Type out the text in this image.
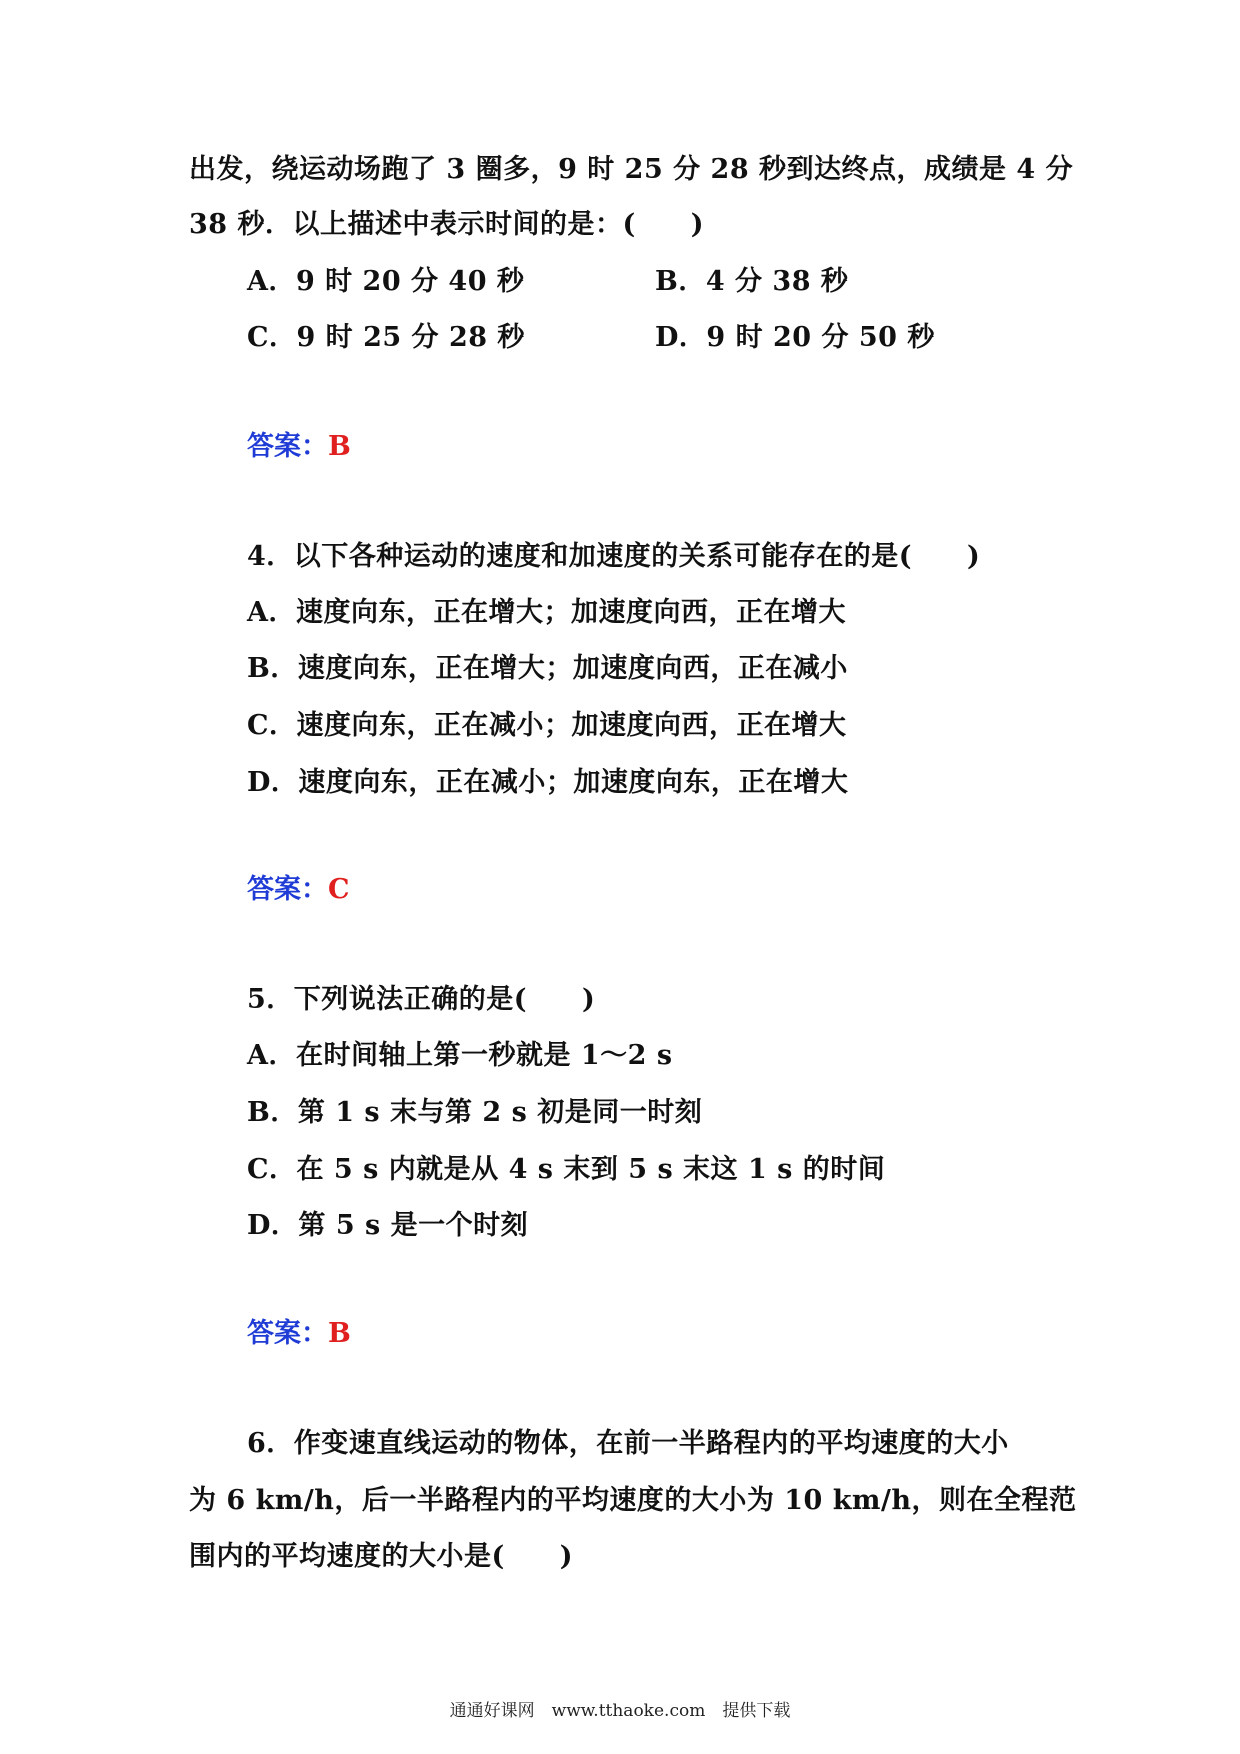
出发，绕运动场跑了 3 圈多，9 时 25 分 28 秒到达终点，成绩是 4 分
38 秒．以上描述中表示时间的是：(　　)
A．9 时 20 分 40 秒	B．4 分 38 秒
C．9 时 25 分 28 秒	D．9 时 20 分 50 秒
答案：B
4．以下各种运动的速度和加速度的关系可能存在的是(　　)
A．速度向东，正在增大；加速度向西，正在增大
B．速度向东，正在增大；加速度向西，正在减小
C．速度向东，正在减小；加速度向西，正在增大
D．速度向东，正在减小；加速度向东，正在增大
答案：C
5．下列说法正确的是(　　)
A．在时间轴上第一秒就是 1～2 s
B．第 1 s 末与第 2 s 初是同一时刻
C．在 5 s 内就是从 4 s 末到 5 s 末这 1 s 的时间
D．第 5 s 是一个时刻
答案：B
6．作变速直线运动的物体，在前一半路程内的平均速度的大小
为 6 km/h，后一半路程内的平均速度的大小为 10 km/h，则在全程范
围内的平均速度的大小是(　　)
通通好课网　www.tthaoke.com　提供下载
